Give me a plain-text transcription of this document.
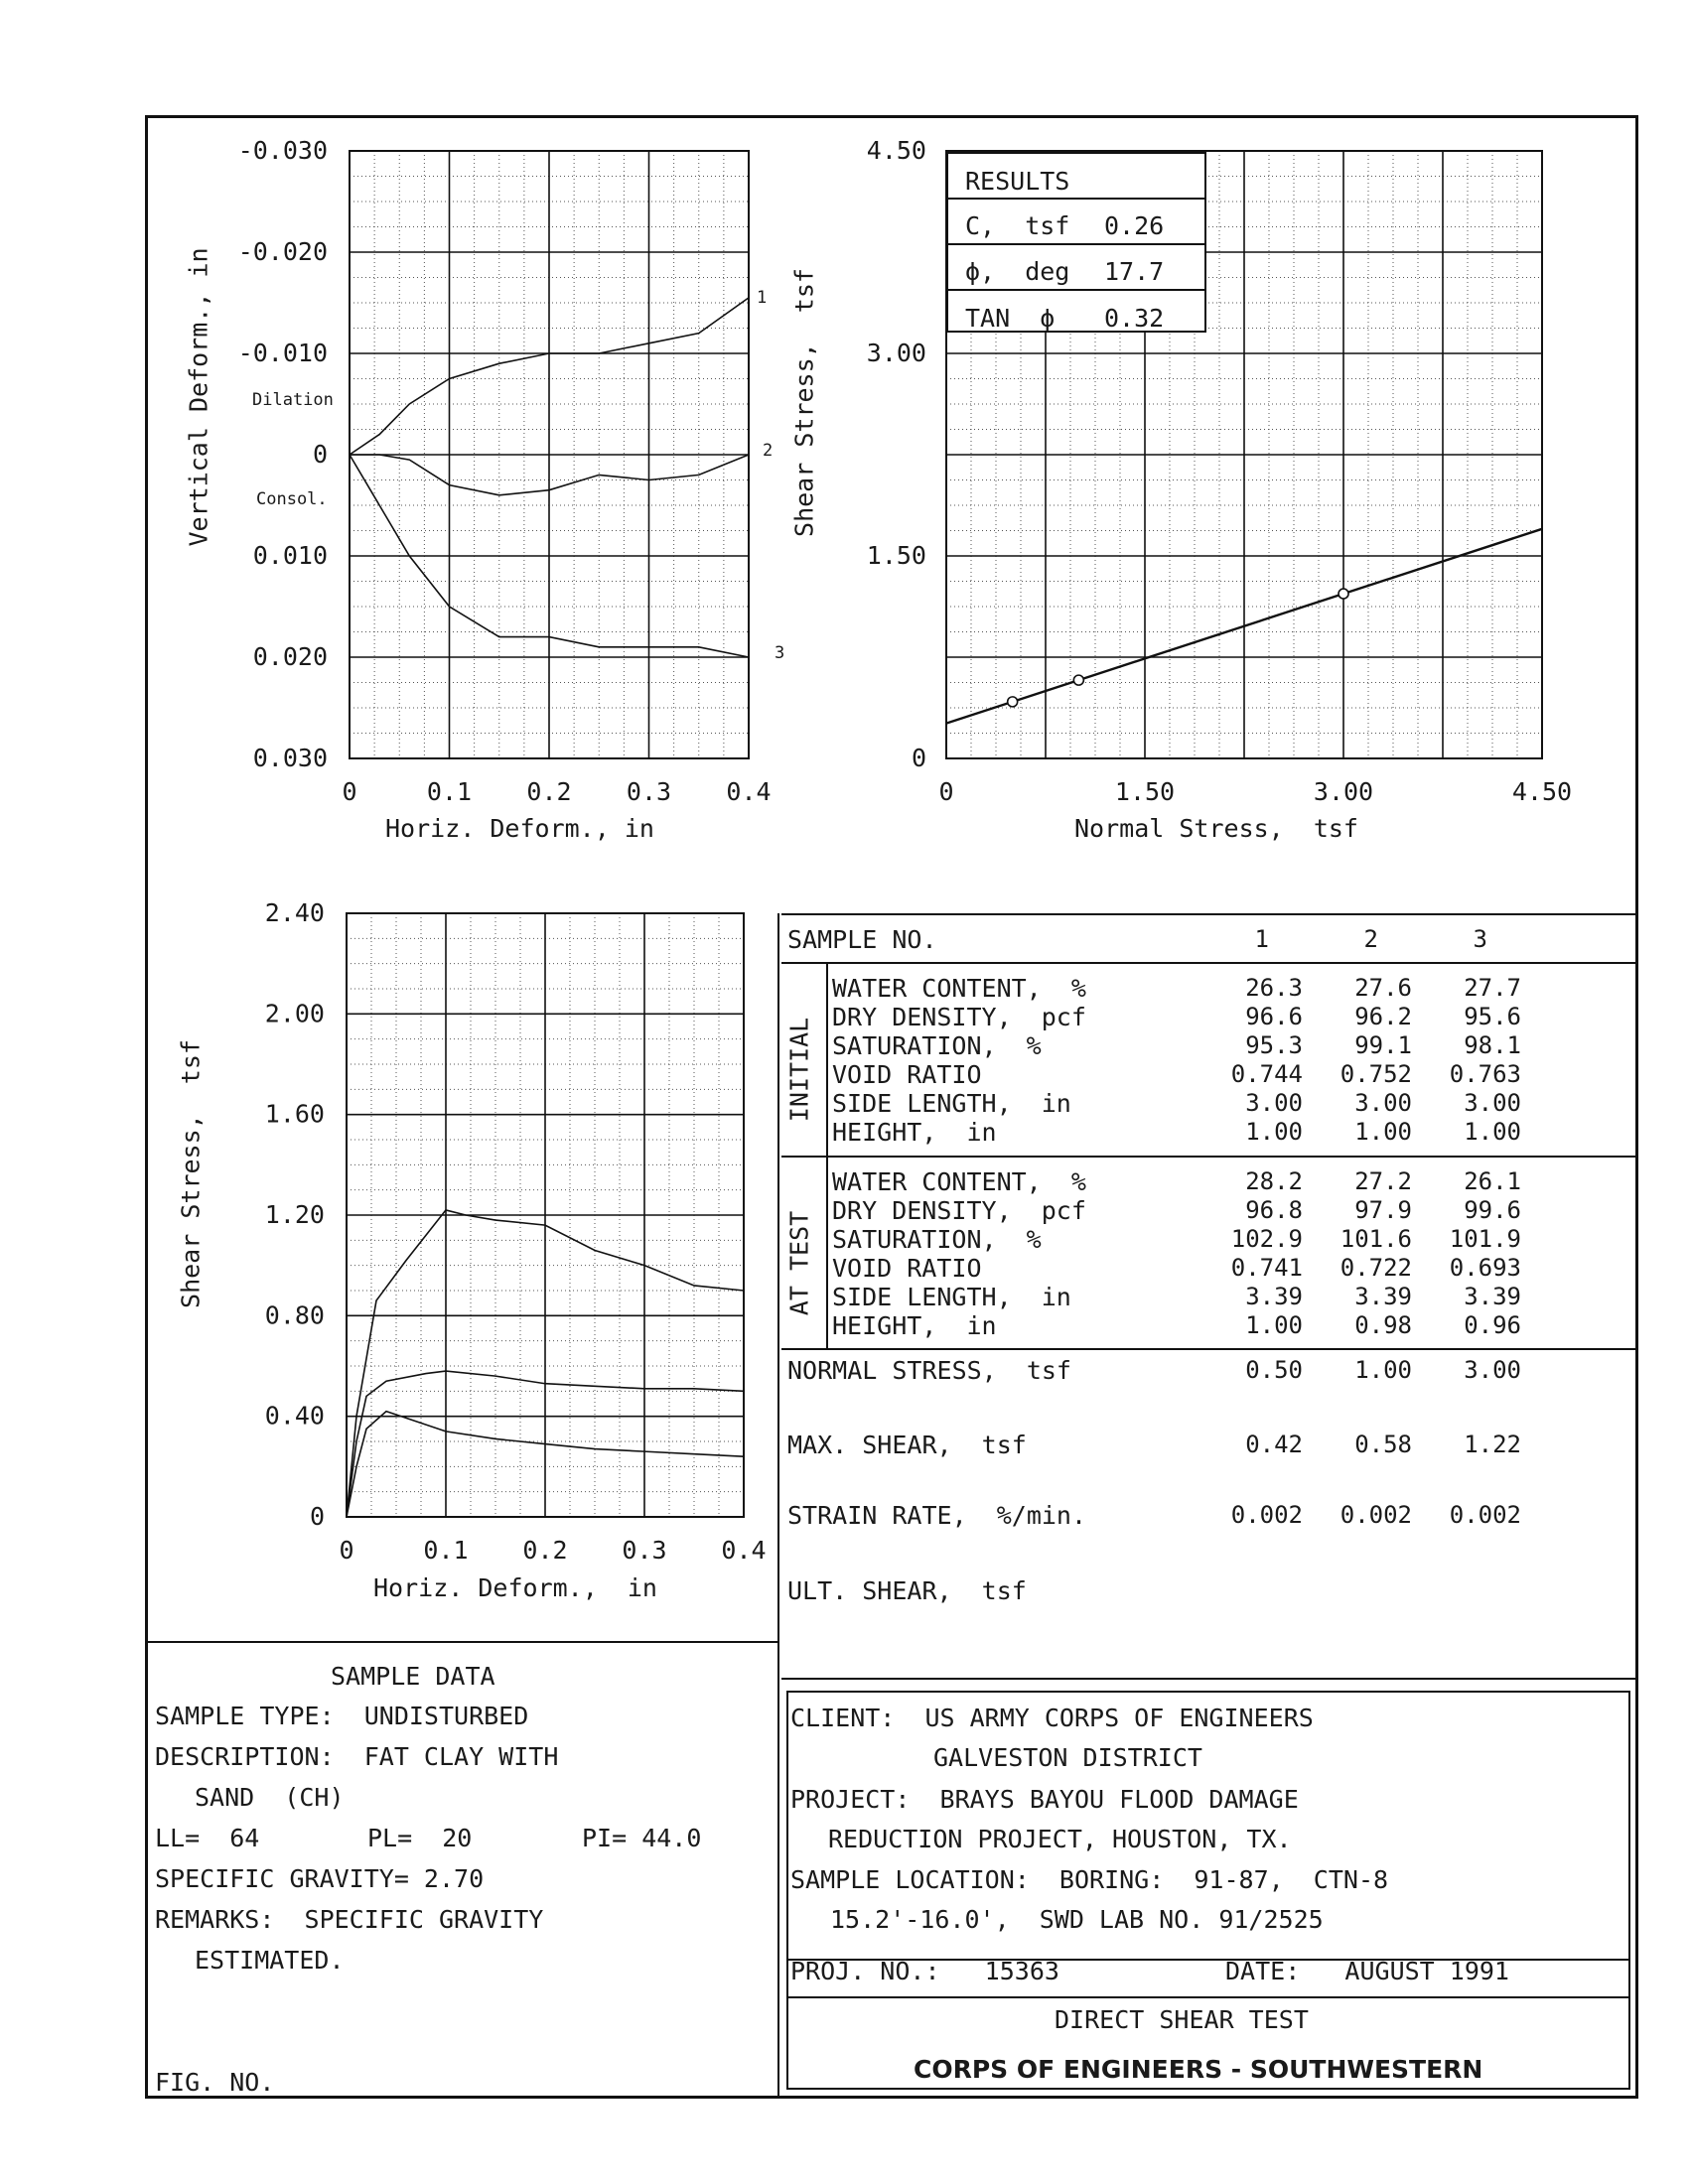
0	0.1 0.2 0.3 0.4
-0.030
-0.020
-0.010
0
0.010
0.020
0.030
0	1.50	3.00	4.50
0
1.50
3.00
4.50
0	0.1 0.2 0.3 0.4
0
0.40
0.80
1.20
1.60
2.00
2.40
Horiz. Deform., in
Vertical Deform., in Dilation
Consol.
1
2
3
Normal Stress,  tsf
Shear Stress,  tsf
RESULTS
C,  tsf 0.26
ϕ,  deg 17.7
TAN  ϕ 0.32
Horiz. Deform.,  in
Shear Stress,  tsf
SAMPLE NO.	1	2	3
INITIAL
AT TEST
WATER CONTENT,  %	26.3	27.6	27.7
DRY DENSITY,  pcf	96.6	96.2	95.6
SATURATION,  %	95.3	99.1	98.1
VOID RATIO	0.744	0.752	0.763
SIDE LENGTH,  in	3.00	3.00	3.00
HEIGHT,  in	1.00	1.00	1.00
WATER CONTENT,  %	28.2	27.2	26.1
DRY DENSITY,  pcf	96.8	97.9	99.6
SATURATION,  %	102.9	101.6	101.9
VOID RATIO	0.741	0.722	0.693
SIDE LENGTH,  in	3.39	3.39	3.39
HEIGHT,  in	1.00	0.98	0.96
NORMAL STRESS,  tsf	0.50	1.00	3.00
MAX. SHEAR,  tsf	0.42	0.58	1.22
STRAIN RATE,  %/min.	0.002	0.002	0.002
ULT. SHEAR,  tsf
SAMPLE DATA
SAMPLE TYPE:  UNDISTURBED
DESCRIPTION:  FAT CLAY WITH
SAND  (CH)
LL=  64	PL=  20	PI= 44.0
SPECIFIC GRAVITY= 2.70
REMARKS:  SPECIFIC GRAVITY
ESTIMATED.
FIG. NO.
CLIENT:  US ARMY CORPS OF ENGINEERS
GALVESTON DISTRICT
PROJECT:  BRAYS BAYOU FLOOD DAMAGE
REDUCTION PROJECT, HOUSTON, TX.
SAMPLE LOCATION:  BORING:  91-87,  CTN-8
15.2'-16.0',  SWD LAB NO. 91/2525
PROJ. NO.:   15363	DATE:   AUGUST 1991
DIRECT SHEAR TEST
CORPS OF ENGINEERS - SOUTHWESTERN
